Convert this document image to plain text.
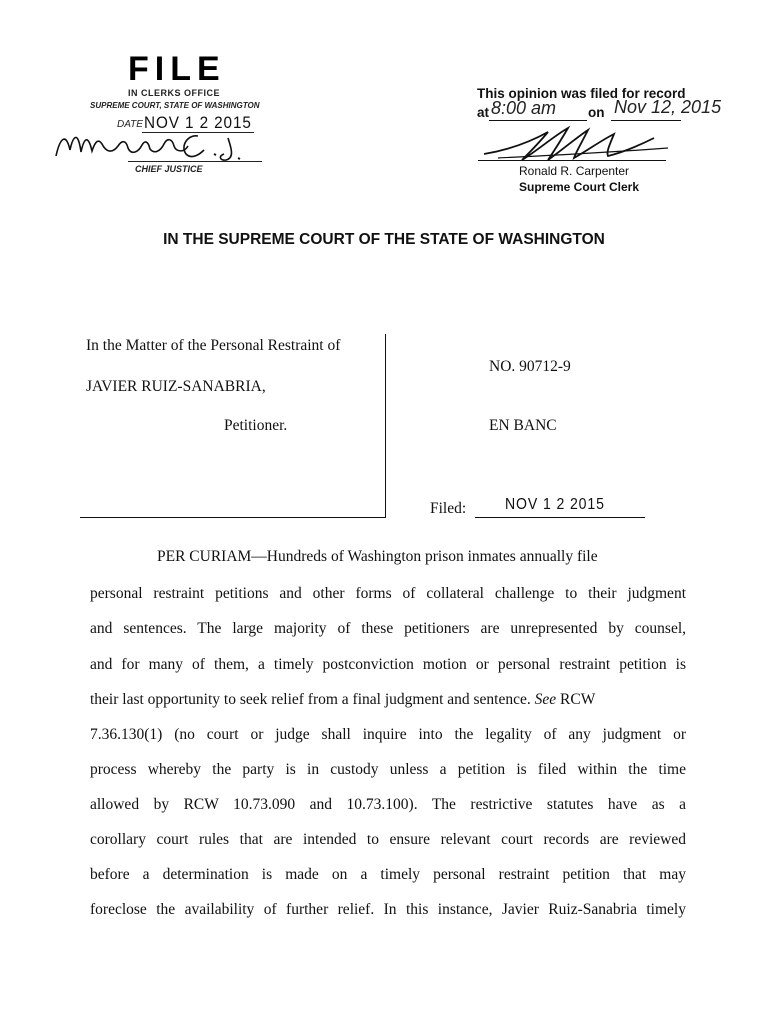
FILE
IN CLERKS OFFICE
SUPREME COURT, STATE OF WASHINGTON
DATE NOV 1 2 2015
CHIEF JUSTICE
This opinion was filed for record
at 8:00 am on Nov 12, 2015
Ronald R. Carpenter
Supreme Court Clerk
IN THE SUPREME COURT OF THE STATE OF WASHINGTON
In the Matter of the Personal Restraint of
JAVIER RUIZ-SANABRIA,
Petitioner.
NO. 90712-9
EN BANC
Filed: NOV 1 2 2015
PER CURIAM—Hundreds of Washington prison inmates annually file
personal restraint petitions and other forms of collateral challenge to their judgment
and sentences. The large majority of these petitioners are unrepresented by counsel,
and for many of them, a timely postconviction motion or personal restraint petition is
their last opportunity to seek relief from a final judgment and sentence. See RCW
7.36.130(1) (no court or judge shall inquire into the legality of any judgment or
process whereby the party is in custody unless a petition is filed within the time
allowed by RCW 10.73.090 and 10.73.100). The restrictive statutes have as a
corollary court rules that are intended to ensure relevant court records are reviewed
before a determination is made on a timely personal restraint petition that may
foreclose the availability of further relief. In this instance, Javier Ruiz-Sanabria timely
